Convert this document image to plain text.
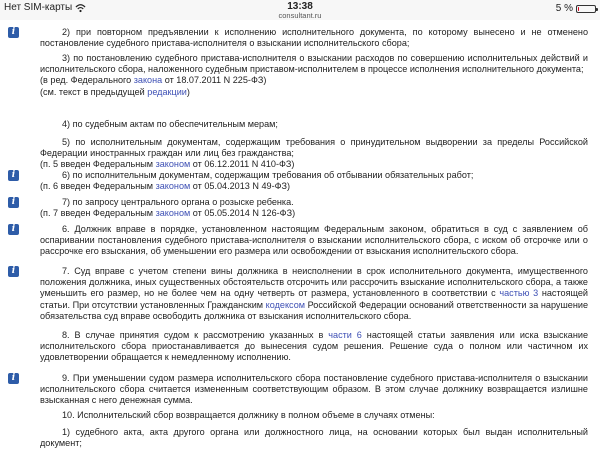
Нет SIM-карты	13:38
consultant.ru
5 %
i	2) при повторном предъявлении к исполнению исполнительного документа, по которому вынесено и не отменено постановление судебного пристава-исполнителя о взыскании исполнительского сбора;

3) по постановлению судебного пристава-исполнителя о взыскании расходов по совершению исполнительных действий и исполнительского сбора, наложенного судебным приставом-исполнителем в процессе исполнения исполнительного документа;

(в ред. Федерального закона от 18.07.2011 N 225-ФЗ)

(см. текст в предыдущей редакции)

4) по судебным актам по обеспечительным мерам;

5) по исполнительным документам, содержащим требования о принудительном выдворении за пределы Российской Федерации иностранных граждан или лиц без гражданства;

(п. 5 введен Федеральным законом от 06.12.2011 N 410-ФЗ)

i	6) по исполнительным документам, содержащим требования об отбывании обязательных работ;

(п. 6 введен Федеральным законом от 05.04.2013 N 49-ФЗ)

i	7) по запросу центрального органа о розыске ребенка.

(п. 7 введен Федеральным законом от 05.05.2014 N 126-ФЗ)

i	6. Должник вправе в порядке, установленном настоящим Федеральным законом, обратиться в суд с заявлением об оспаривании постановления судебного пристава-исполнителя о взыскании исполнительского сбора, с иском об отсрочке или о рассрочке его взыскания, об уменьшении его размера или освобождении от взыскания исполнительского сбора.

i	7. Суд вправе с учетом степени вины должника в неисполнении в срок исполнительного документа, имущественного положения должника, иных существенных обстоятельств отсрочить или рассрочить взыскание исполнительского сбора, а также уменьшить его размер, но не более чем на одну четверть от размера, установленного в соответствии с частью 3 настоящей статьи. При отсутствии установленных Гражданским кодексом Российской Федерации оснований ответственности за нарушение обязательства суд вправе освободить должника от взыскания исполнительского сбора.

8. В случае принятия судом к рассмотрению указанных в части 6 настоящей статьи заявления или иска взыскание исполнительского сбора приостанавливается до вынесения судом решения. Решение суда о полном или частичном их удовлетворении обращается к немедленному исполнению.

i	9. При уменьшении судом размера исполнительского сбора постановление судебного пристава-исполнителя о взыскании исполнительского сбора считается измененным соответствующим образом. В этом случае должнику возвращается излишне взысканная с него денежная сумма.

10. Исполнительский сбор возвращается должнику в полном объеме в случаях отмены:

1) судебного акта, акта другого органа или должностного лица, на основании которых был выдан исполнительный документ;
